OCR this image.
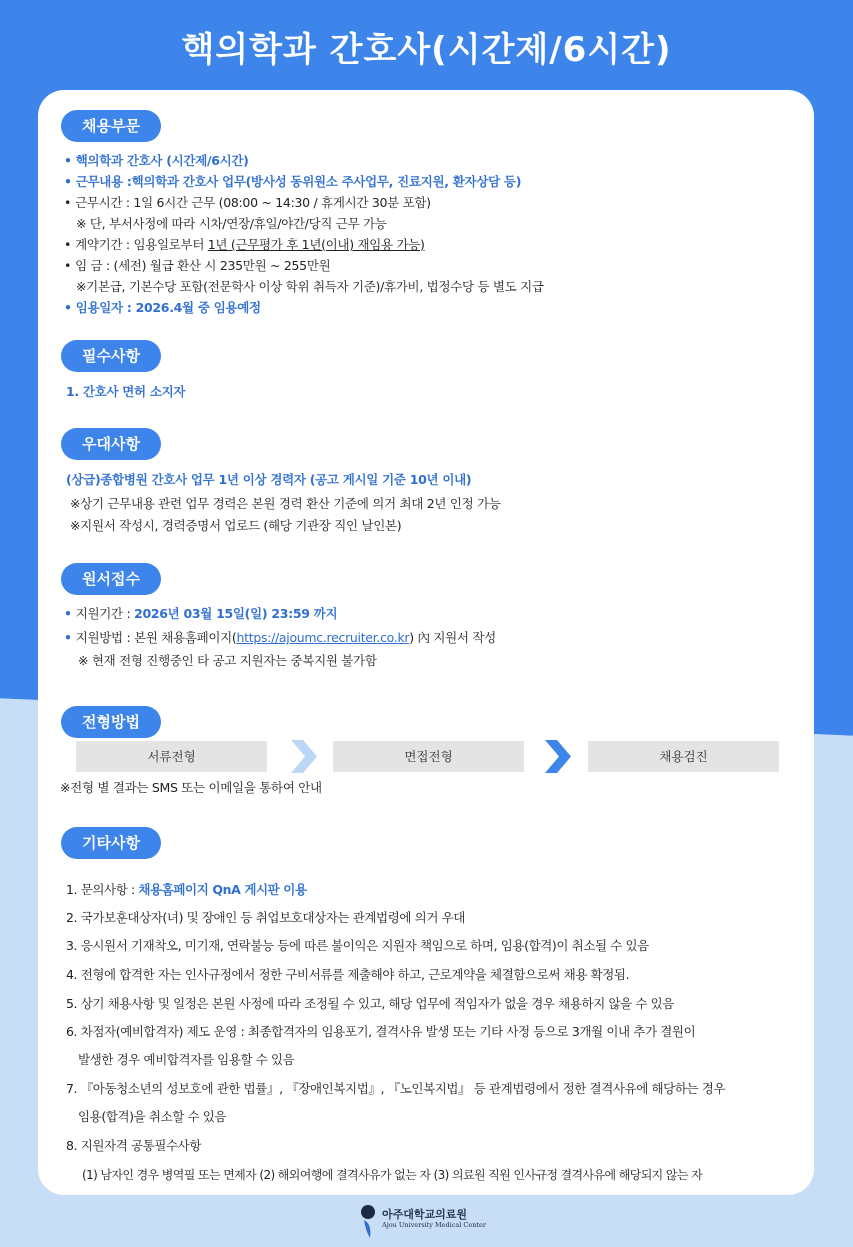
핵의학과 간호사(시간제/6시간)
채용부문
• 핵의학과 간호사 (시간제/6시간)
• 근무내용 :핵의학과 간호사 업무(방사성 동위원소 주사업무, 진료지원, 환자상담 등)
• 근무시간 : 1일 6시간 근무 (08:00 ~ 14:30 / 휴게시간 30분 포함)
※ 단, 부서사정에 따라 시차/연장/휴일/야간/당직 근무 가능
• 계약기간 : 임용일로부터 1년 (근무평가 후 1년(이내) 재임용 가능)
• 임 금 : (세전) 월급 환산 시 235만원 ~ 255만원
※기본급, 기본수당 포함(전문학사 이상 학위 취득자 기준)/휴가비, 법정수당 등 별도 지급
• 임용일자 : 2026.4월 중 임용예정
필수사항
1. 간호사 면허 소지자
우대사항
(상급)종합병원 간호사 업무 1년 이상 경력자 (공고 게시일 기준 10년 이내)
※상기 근무내용 관련 업무 경력은 본원 경력 환산 기준에 의거 최대 2년 인정 가능
※지원서 작성시, 경력증명서 업로드 (해당 기관장 직인 날인본)
원서접수
• 지원기간 : 2026년 03월 15일(일) 23:59 까지
• 지원방법 : 본원 채용홈페이지(https://ajoumc.recruiter.co.kr) 內 지원서 작성
※ 현재 전형 진행중인 타 공고 지원자는 중복지원 불가함
전형방법
서류전형	면접전형	채용검진
※전형 별 결과는 SMS 또는 이메일을 통하여 안내
기타사항
1. 문의사항 : 채용홈페이지 QnA 게시판 이용
2. 국가보훈대상자(녀) 및 장애인 등 취업보호대상자는 관계법령에 의거 우대
3. 응시원서 기재착오, 미기재, 연락불능 등에 따른 불이익은 지원자 책임으로 하며, 임용(합격)이 취소될 수 있음
4. 전형에 합격한 자는 인사규정에서 정한 구비서류를 제출해야 하고, 근로계약을 체결함으로써 채용 확정됨.
5. 상기 채용사항 및 일정은 본원 사정에 따라 조정될 수 있고, 해당 업무에 적임자가 없을 경우 채용하지 않을 수 있음
6. 차점자(예비합격자) 제도 운영 : 최종합격자의 임용포기, 결격사유 발생 또는 기타 사정 등으로 3개월 이내 추가 결원이
발생한 경우 예비합격자를 임용할 수 있음
7. 『아동청소년의 성보호에 관한 법률』, 『장애인복지법』, 『노인복지법』 등 관계법령에서 정한 결격사유에 해당하는 경우
임용(합격)을 취소할 수 있음
8. 지원자격 공통필수사항
(1) 남자인 경우 병역필 또는 면제자 (2) 해외여행에 결격사유가 없는 자 (3) 의료원 직원 인사규정 결격사유에 해당되지 않는 자
아주대학교의료원
Ajou University Medical Center
